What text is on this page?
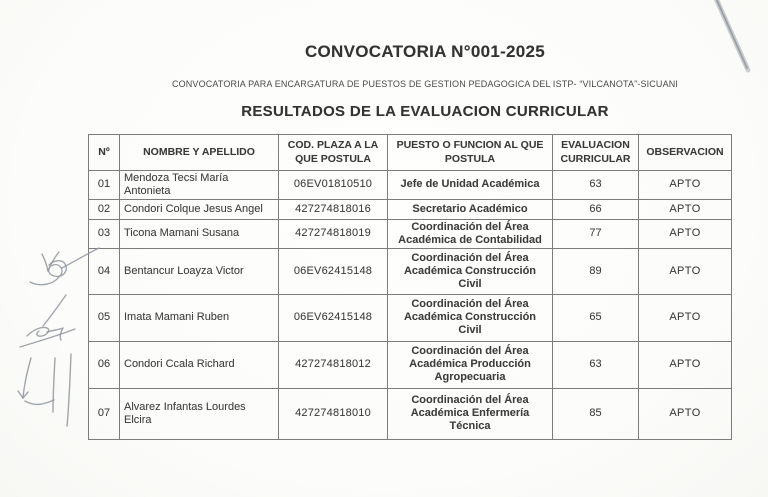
CONVOCATORIA N°001-2025
CONVOCATORIA PARA ENCARGATURA DE PUESTOS DE GESTION PEDAGOGICA DEL ISTP- “VILCANOTA”-SICUANI
RESULTADOS DE LA EVALUACION CURRICULAR
Nº	NOMBRE Y APELLIDO	COD. PLAZA A LA QUE POSTULA	PUESTO O FUNCION AL QUE POSTULA	EVALUACION CURRICULAR	OBSERVACION
01	Mendoza Tecsi María Antonieta	06EV01810510	Jefe de Unidad Académica	63	APTO
02	Condori Colque Jesus Angel	427274818016	Secretario Académico	66	APTO
03	Ticona Mamani Susana	427274818019	Coordinación del Área Académica de Contabilidad	77	APTO
04	Bentancur Loayza Victor	06EV62415148	Coordinación del Área Académica Construcción Civil	89	APTO
05	Imata Mamani Ruben	06EV62415148	Coordinación del Área Académica Construcción Civil	65	APTO
06	Condori Ccala Richard	427274818012	Coordinación del Área Académica Producción Agropecuaria	63	APTO
07	Alvarez Infantas Lourdes Elcira	427274818010	Coordinación del Área Académica Enfermería Técnica	85	APTO
